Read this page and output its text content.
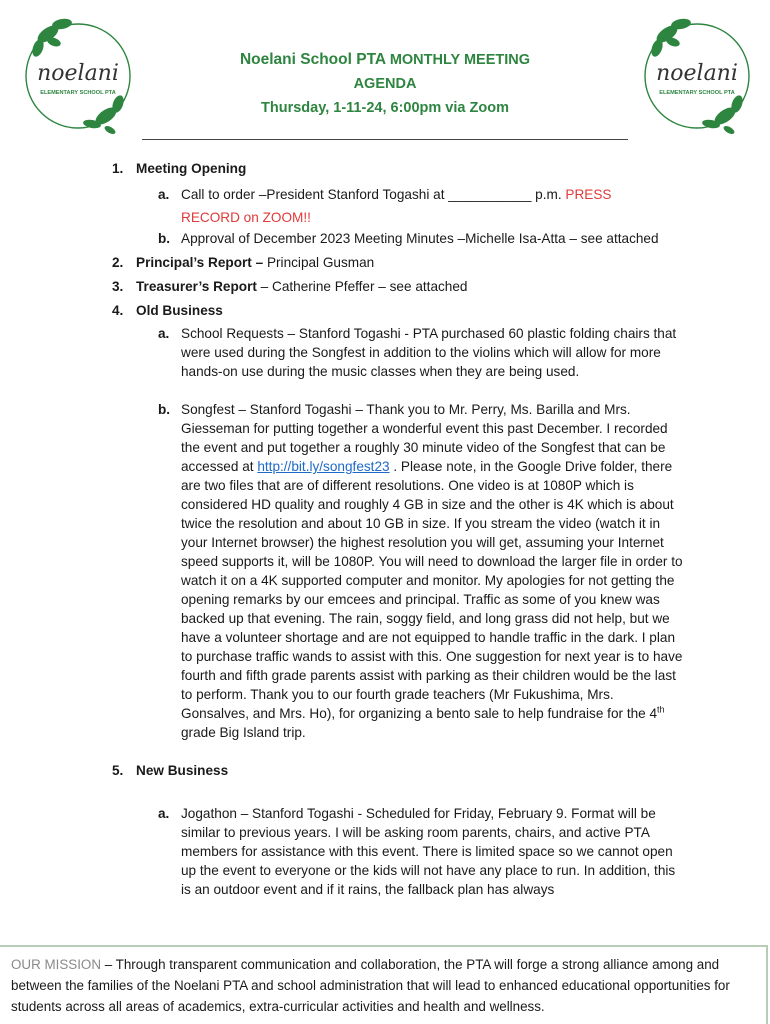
noelani
ELEMENTARY SCHOOL PTA
noelani
ELEMENTARY SCHOOL PTA
Noelani School PTA MONTHLY MEETING
AGENDA
Thursday, 1-11-24, 6:00pm via Zoom
1. Meeting Opening
a. Call to order –President Stanford Togashi at ___________ p.m. PRESS RECORD on ZOOM!!
b. Approval of December 2023 Meeting Minutes –Michelle Isa-Atta – see attached
2. Principal’s Report – Principal Gusman
3. Treasurer’s Report – Catherine Pfeffer – see attached
4. Old Business
a. School Requests – Stanford Togashi - PTA purchased 60 plastic folding chairs that were used during the Songfest in addition to the violins which will allow for more hands-on use during the music classes when they are being used.
b. Songfest – Stanford Togashi – Thank you to Mr. Perry, Ms. Barilla and Mrs. Giesseman for putting together a wonderful event this past December. I recorded the event and put together a roughly 30 minute video of the Songfest that can be accessed at http://bit.ly/songfest23 . Please note, in the Google Drive folder, there are two files that are of different resolutions. One video is at 1080P which is considered HD quality and roughly 4 GB in size and the other is 4K which is about twice the resolution and about 10 GB in size. If you stream the video (watch it in your Internet browser) the highest resolution you will get, assuming your Internet speed supports it, will be 1080P. You will need to download the larger file in order to watch it on a 4K supported computer and monitor. My apologies for not getting the opening remarks by our emcees and principal. Traffic as some of you knew was backed up that evening. The rain, soggy field, and long grass did not help, but we have a volunteer shortage and are not equipped to handle traffic in the dark. I plan to purchase traffic wands to assist with this. One suggestion for next year is to have fourth and fifth grade parents assist with parking as their children would be the last to perform. Thank you to our fourth grade teachers (Mr Fukushima, Mrs. Gonsalves, and Mrs. Ho), for organizing a bento sale to help fundraise for the 4th grade Big Island trip.
5. New Business
a. Jogathon – Stanford Togashi - Scheduled for Friday, February 9. Format will be similar to previous years. I will be asking room parents, chairs, and active PTA members for assistance with this event. There is limited space so we cannot open up the event to everyone or the kids will not have any place to run. In addition, this is an outdoor event and if it rains, the fallback plan has always
OUR MISSION – Through transparent communication and collaboration, the PTA will forge a strong alliance among and between the families of the Noelani PTA and school administration that will lead to enhanced educational opportunities for students across all areas of academics, extra-curricular activities and health and wellness.
